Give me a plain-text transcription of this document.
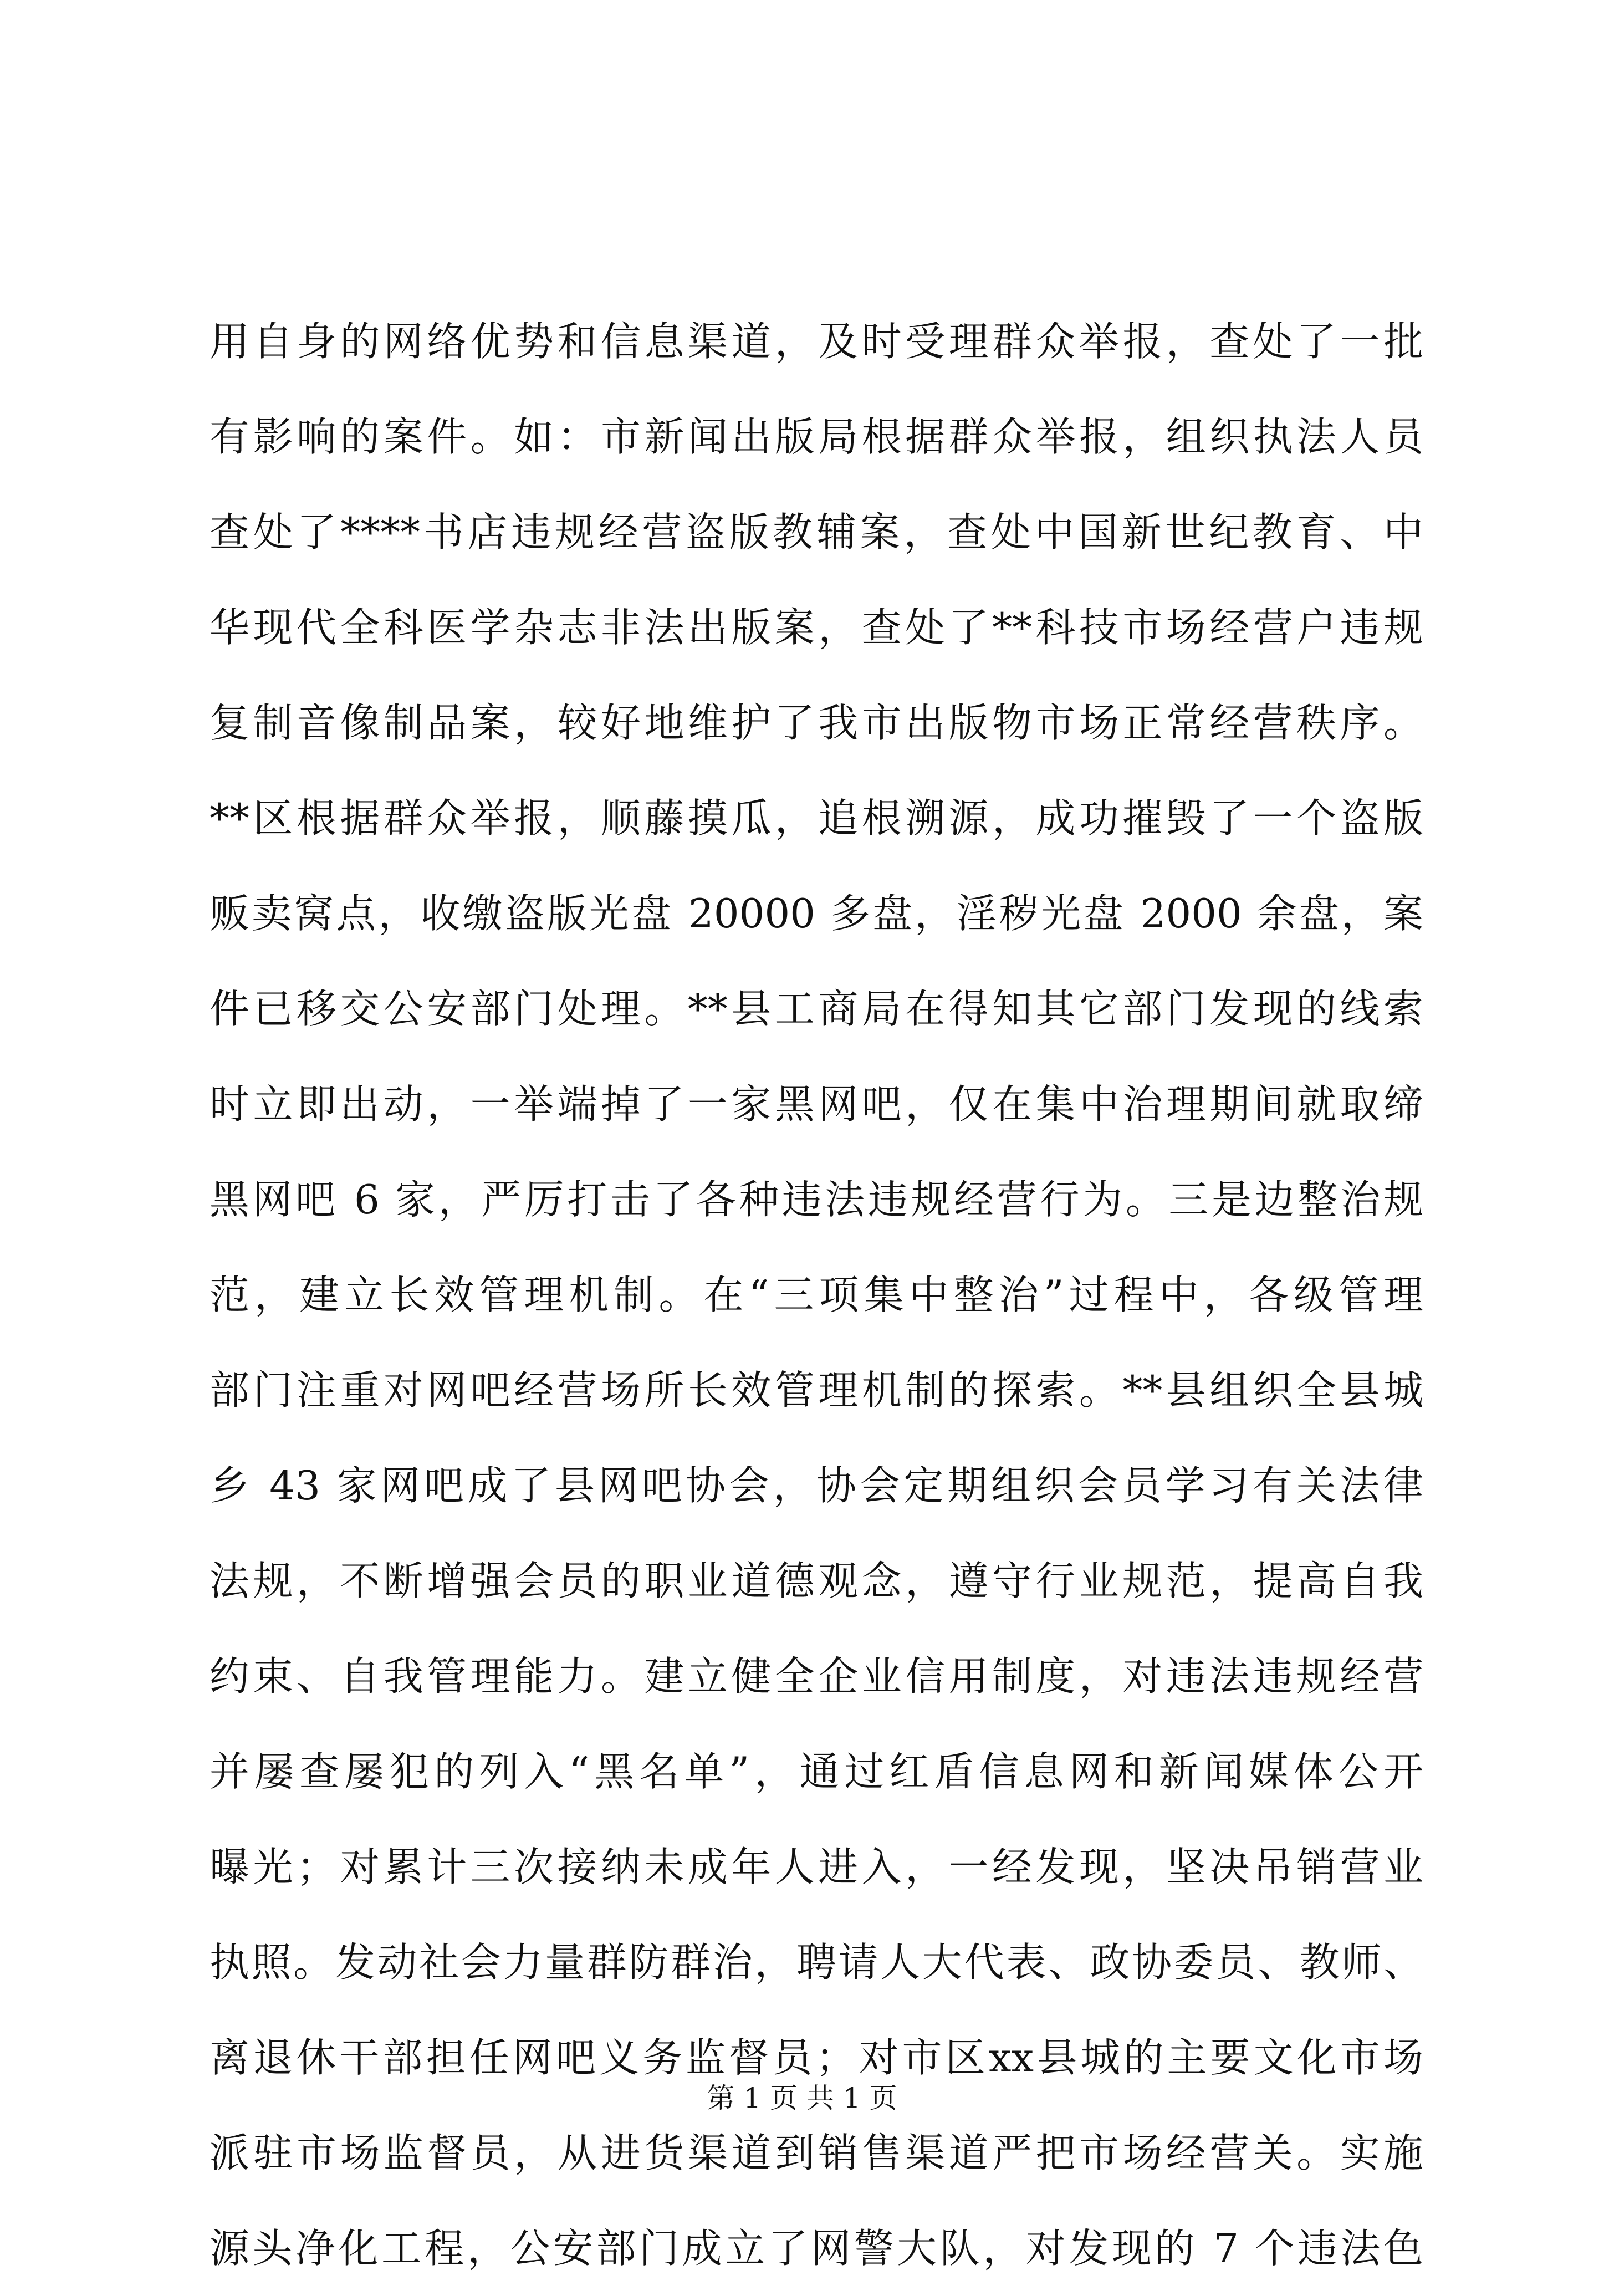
用自身的网络优势和信息渠道，及时受理群众举报，查处了一批
有影响的案件。如：市新闻出版局根据群众举报，组织执法人员
查处了****书店违规经营盗版教辅案，查处中国新世纪教育、中
华现代全科医学杂志非法出版案，查处了**科技市场经营户违规
复制音像制品案，较好地维护了我市出版物市场正常经营秩序。
**区根据群众举报，顺藤摸瓜，追根溯源，成功摧毁了一个盗版
贩卖窝点，收缴盗版光盘 20000 多盘，淫秽光盘 2000 余盘，案
件已移交公安部门处理。**县工商局在得知其它部门发现的线索
时立即出动，一举端掉了一家黑网吧，仅在集中治理期间就取缔
黑网吧 6 家，严厉打击了各种违法违规经营行为。三是边整治规
范，建立长效管理机制。在“三项集中整治”过程中，各级管理
部门注重对网吧经营场所长效管理机制的探索。**县组织全县城
乡 43 家网吧成了县网吧协会，协会定期组织会员学习有关法律
法规，不断增强会员的职业道德观念，遵守行业规范，提高自我
约束、自我管理能力。建立健全企业信用制度，对违法违规经营
并屡查屡犯的列入“黑名单”，通过红盾信息网和新闻媒体公开
曝光；对累计三次接纳未成年人进入，一经发现，坚决吊销营业
执照。发动社会力量群防群治，聘请人大代表、政协委员、教师、
离退休干部担任网吧义务监督员；对市区xx县城的主要文化市场
派驻市场监督员，从进货渠道到销售渠道严把市场经营关。实施
源头净化工程，公安部门成立了网警大队，对发现的 7 个违法色
第 1 页 共 1 页
